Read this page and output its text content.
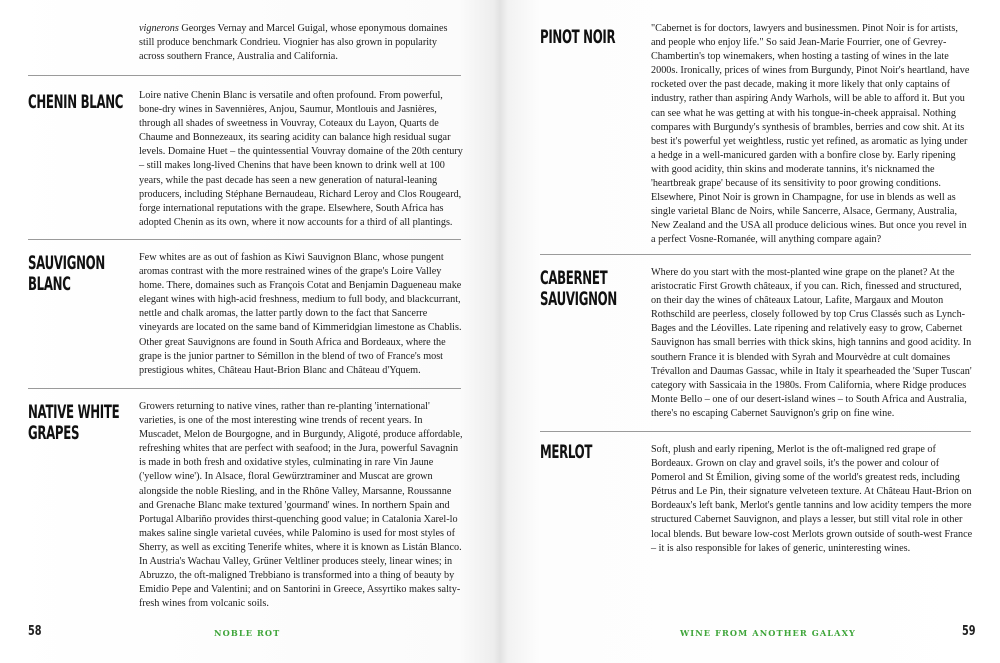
vignerons Georges Vernay and Marcel Guigal, whose eponymous domaines still produce benchmark Condrieu. Viognier has also grown in popularity across southern France, Australia and California.

CHENIN BLANC Loire native Chenin Blanc is versatile and often profound. From powerful, bone-dry wines in Savennières, Anjou, Saumur, Montlouis and Jasnières, through all shades of sweetness in Vouvray, Coteaux du Layon, Quarts de Chaume and Bonnezeaux, its searing acidity can balance high residual sugar levels. Domaine Huet – the quintessential Vouvray domaine of the 20th century – still makes long-lived Chenins that have been known to drink well at 100 years, while the past decade has seen a new generation of natural-leaning producers, including Stéphane Bernaudeau, Richard Leroy and Clos Rougeard, forge international reputations with the grape. Elsewhere, South Africa has adopted Chenin as its own, where it now accounts for a third of all plantings.

SAUVIGNON
BLANC

Few whites are as out of fashion as Kiwi Sauvignon Blanc, whose pungent aromas contrast with the more restrained wines of the grape's Loire Valley home. There, domaines such as François Cotat and Benjamin Dagueneau make elegant wines with high-acid freshness, medium to full body, and blackcurrant, nettle and chalk aromas, the latter partly down to the fact that Sancerre vineyards are located on the same band of Kimmeridgian limestone as Chablis. Other great Sauvignons are found in South Africa and Bordeaux, where the grape is the junior partner to Sémillon in the blend of two of France's most prestigious whites, Château Haut-Brion Blanc and Château d'Yquem.

NATIVE WHITE
GRAPES

Growers returning to native vines, rather than re-planting 'international' varieties, is one of the most interesting wine trends of recent years. In Muscadet, Melon de Bourgogne, and in Burgundy, Aligoté, produce affordable, refreshing whites that are perfect with seafood; in the Jura, powerful Savagnin is made in both fresh and oxidative styles, culminating in rare Vin Jaune ('yellow wine'). In Alsace, floral Gewürztraminer and Muscat are grown alongside the noble Riesling, and in the Rhône Valley, Marsanne, Roussanne and Grenache Blanc make textured 'gourmand' wines. In northern Spain and Portugal Albariño provides thirst-quenching good value; in Catalonia Xarel-lo makes saline single varietal cuvées, while Palomino is used for most styles of Sherry, as well as exciting Tenerife whites, where it is known as Listán Blanco. In Austria's Wachau Valley, Grüner Veltliner produces steely, linear wines; in Abruzzo, the oft-maligned Trebbiano is transformed into a thing of beauty by Emidio Pepe and Valentini; and on Santorini in Greece, Assyrtiko makes salty-fresh wines from volcanic soils.

58	NOBLE ROT
PINOT NOIR	"Cabernet is for doctors, lawyers and businessmen. Pinot Noir is for artists, and people who enjoy life." So said Jean-Marie Fourrier, one of Gevrey-Chambertin's top winemakers, when hosting a tasting of wines in the late 2000s. Ironically, prices of wines from Burgundy, Pinot Noir's heartland, have rocketed over the past decade, making it more likely that only captains of industry, rather than aspiring Andy Warhols, will be able to afford it. But you can see what he was getting at with his tongue-in-cheek appraisal. Nothing compares with Burgundy's synthesis of brambles, berries and cow shit. At its best it's powerful yet weightless, rustic yet refined, as aromatic as lying under a hedge in a well-manicured garden with a bonfire close by. Early ripening with good acidity, thin skins and moderate tannins, it's nicknamed the 'heartbreak grape' because of its sensitivity to poor growing conditions. Elsewhere, Pinot Noir is grown in Champagne, for use in blends as well as single varietal Blanc de Noirs, while Sancerre, Alsace, Germany, Australia, New Zealand and the USA all produce delicious wines. But once you revel in a perfect Vosne-Romanée, will anything compare again?

CABERNET
SAUVIGNON

Where do you start with the most-planted wine grape on the planet? At the aristocratic First Growth châteaux, if you can. Rich, finessed and structured, on their day the wines of châteaux Latour, Lafite, Margaux and Mouton Rothschild are peerless, closely followed by top Crus Classés such as Lynch-Bages and the Léovilles. Late ripening and relatively easy to grow, Cabernet Sauvignon has small berries with thick skins, high tannins and good acidity. In southern France it is blended with Syrah and Mourvèdre at cult domaines Trévallon and Daumas Gassac, while in Italy it spearheaded the 'Super Tuscan' category with Sassicaia in the 1980s. From California, where Ridge produces Monte Bello – one of our desert-island wines – to South Africa and Australia, there's no escaping Cabernet Sauvignon's grip on fine wine.

MERLOT	Soft, plush and early ripening, Merlot is the oft-maligned red grape of Bordeaux. Grown on clay and gravel soils, it's the power and colour of Pomerol and St Émilion, giving some of the world's greatest reds, including Pétrus and Le Pin, their signature velveteen texture. At Château Haut-Brion on Bordeaux's left bank, Merlot's gentle tannins and low acidity tempers the more structured Cabernet Sauvignon, and plays a lesser, but still vital role in other local blends. But beware low-cost Merlots grown outside of south-west France – it is also responsible for lakes of generic, uninteresting wines.

WINE FROM ANOTHER GALAXY	59
